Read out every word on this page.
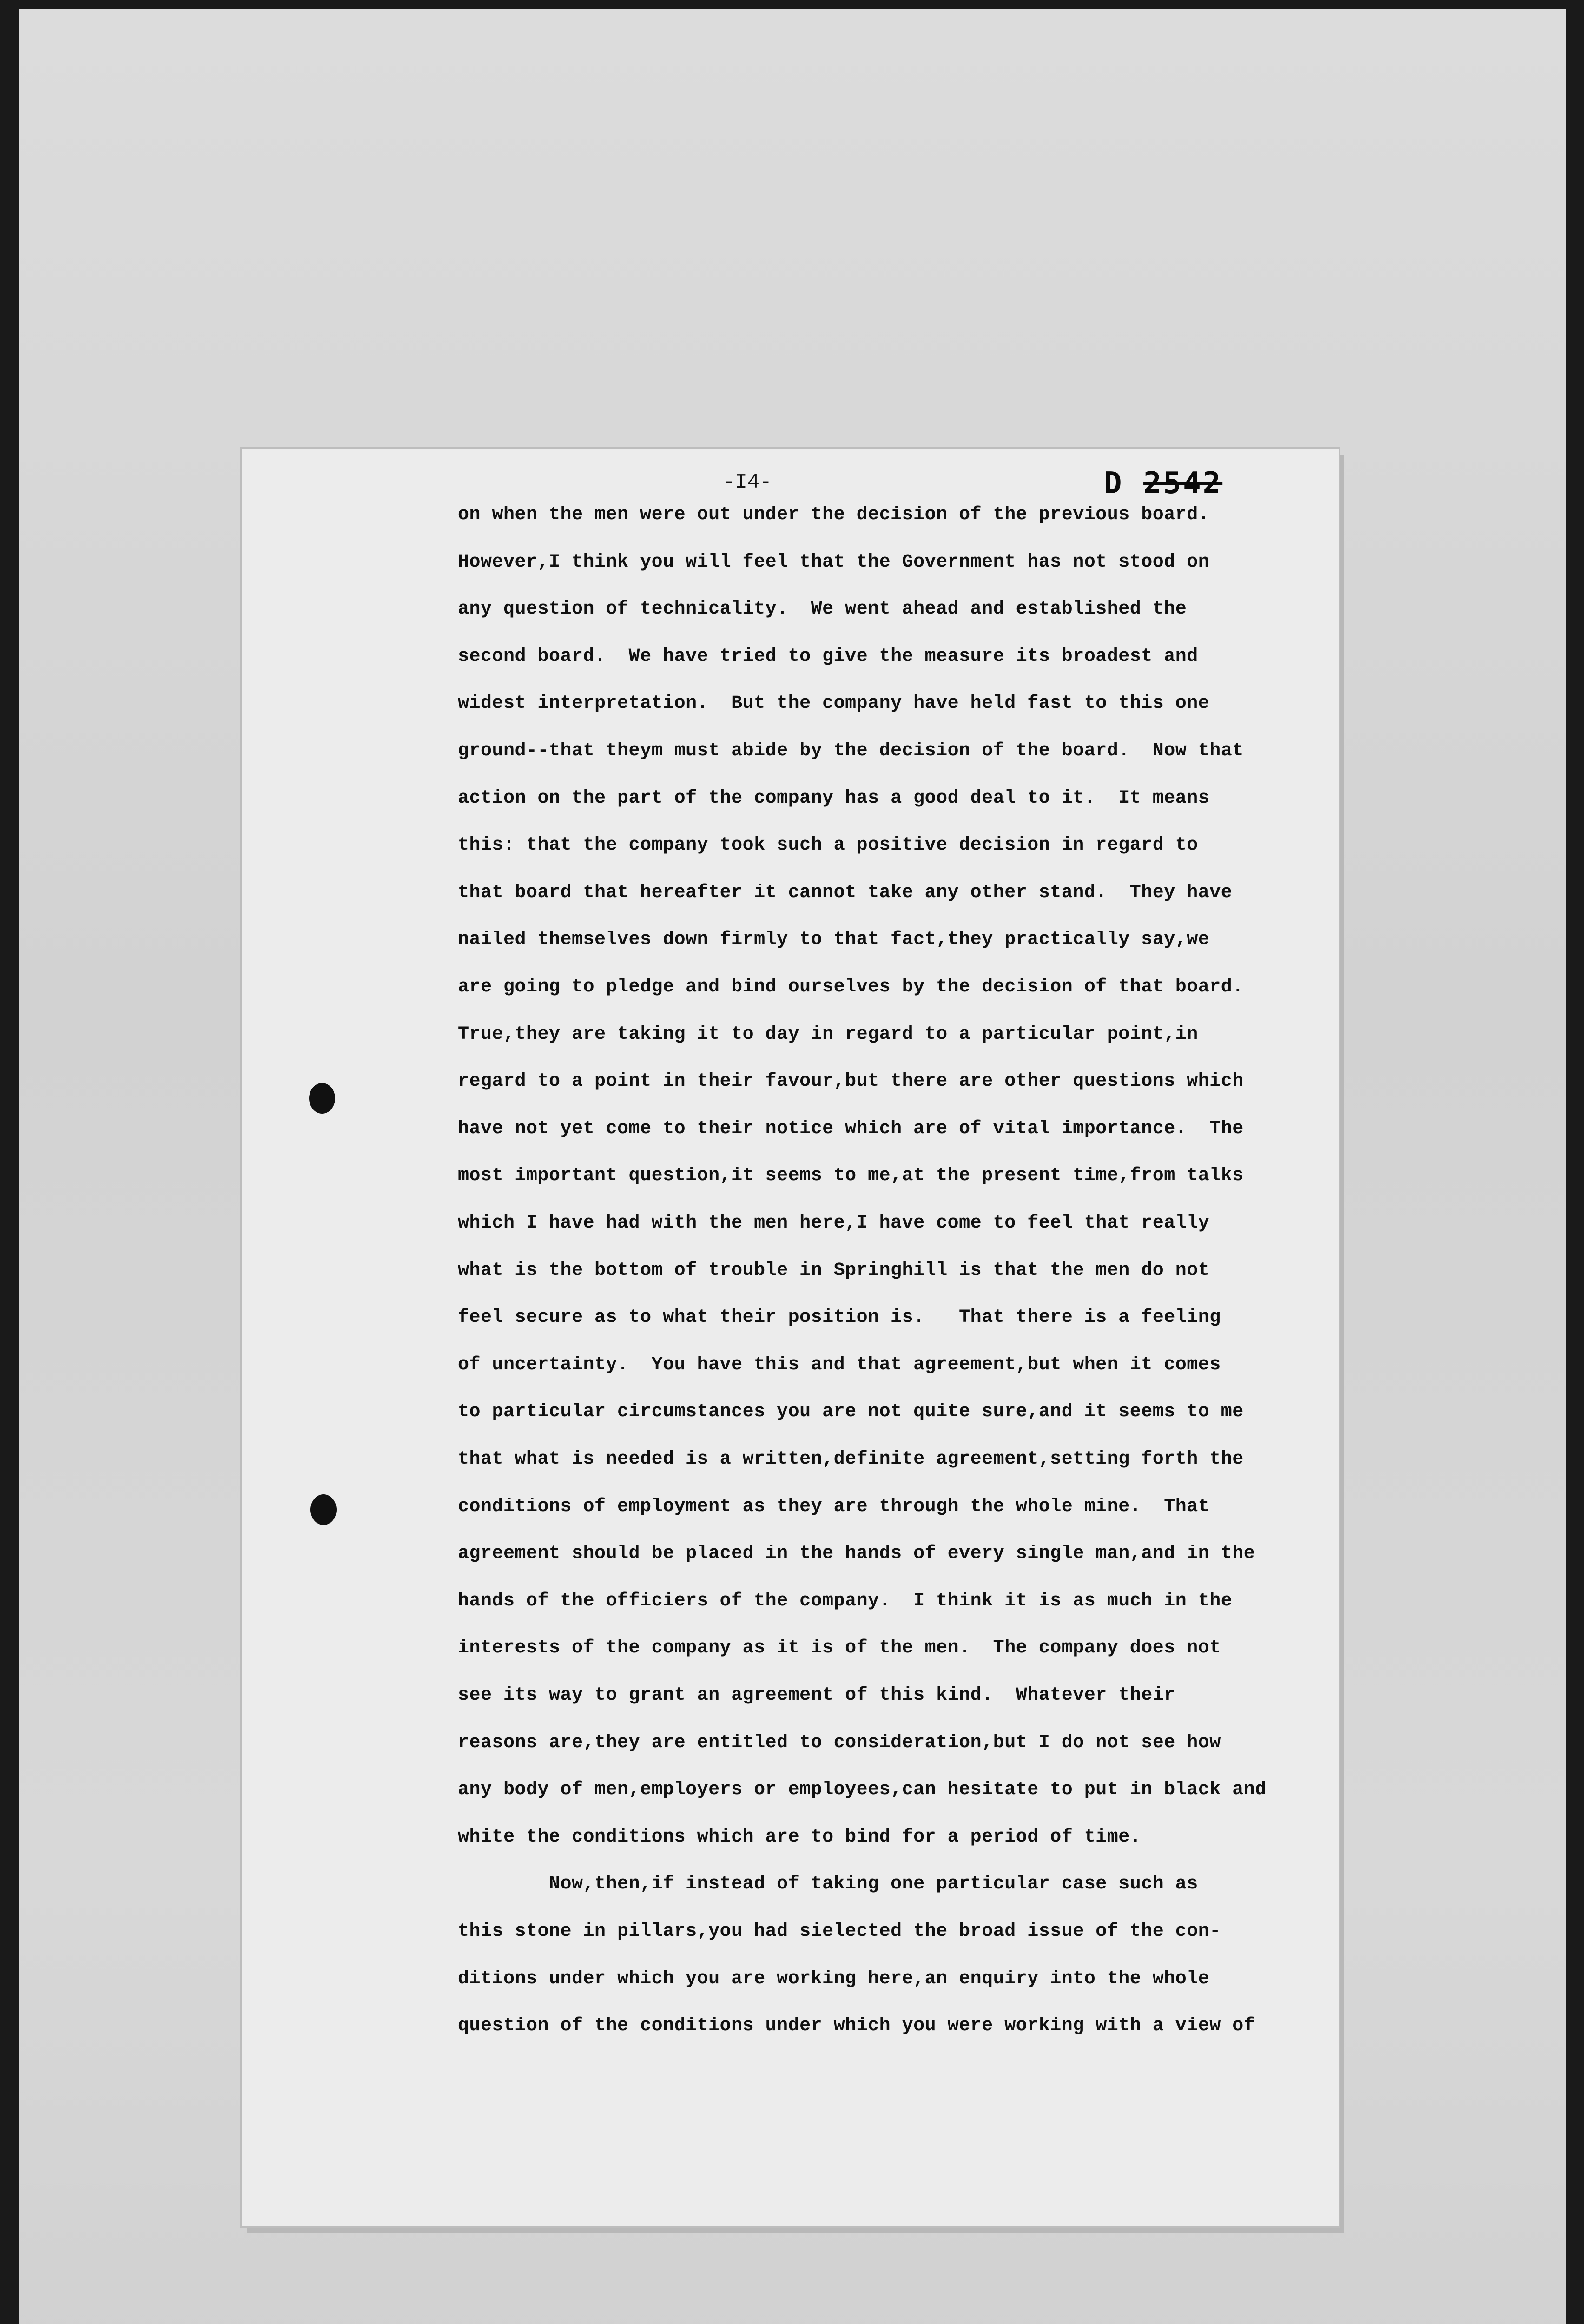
-I4-	D 2542
on when the men were out under the decision of the previous board.
However,I think you will feel that the Government has not stood on
any question of technicality.  We went ahead and established the
second board.  We have tried to give the measure its broadest and
widest interpretation.  But the company have held fast to this one
ground--that theym must abide by the decision of the board.  Now that
action on the part of the company has a good deal to it.  It means
this: that the company took such a positive decision in regard to
that board that hereafter it cannot take any other stand.  They have
nailed themselves down firmly to that fact,they practically say,we
are going to pledge and bind ourselves by the decision of that board.
True,they are taking it to day in regard to a particular point,in
regard to a point in their favour,but there are other questions which
have not yet come to their notice which are of vital importance.  The
most important question,it seems to me,at the present time,from talks
which I have had with the men here,I have come to feel that really
what is the bottom of trouble in Springhill is that the men do not
feel secure as to what their position is.   That there is a feeling
of uncertainty.  You have this and that agreement,but when it comes
to particular circumstances you are not quite sure,and it seems to me
that what is needed is a written,definite agreement,setting forth the
conditions of employment as they are through the whole mine.  That
agreement should be placed in the hands of every single man,and in the
hands of the officiers of the company.  I think it is as much in the
interests of the company as it is of the men.  The company does not
see its way to grant an agreement of this kind.  Whatever their
reasons are,they are entitled to consideration,but I do not see how
any body of men,employers or employees,can hesitate to put in black and
white the conditions which are to bind for a period of time.
Now,then,if instead of taking one particular case such as
this stone in pillars,you had sielected the broad issue of the con-
ditions under which you are working here,an enquiry into the whole
question of the conditions under which you were working with a view of
